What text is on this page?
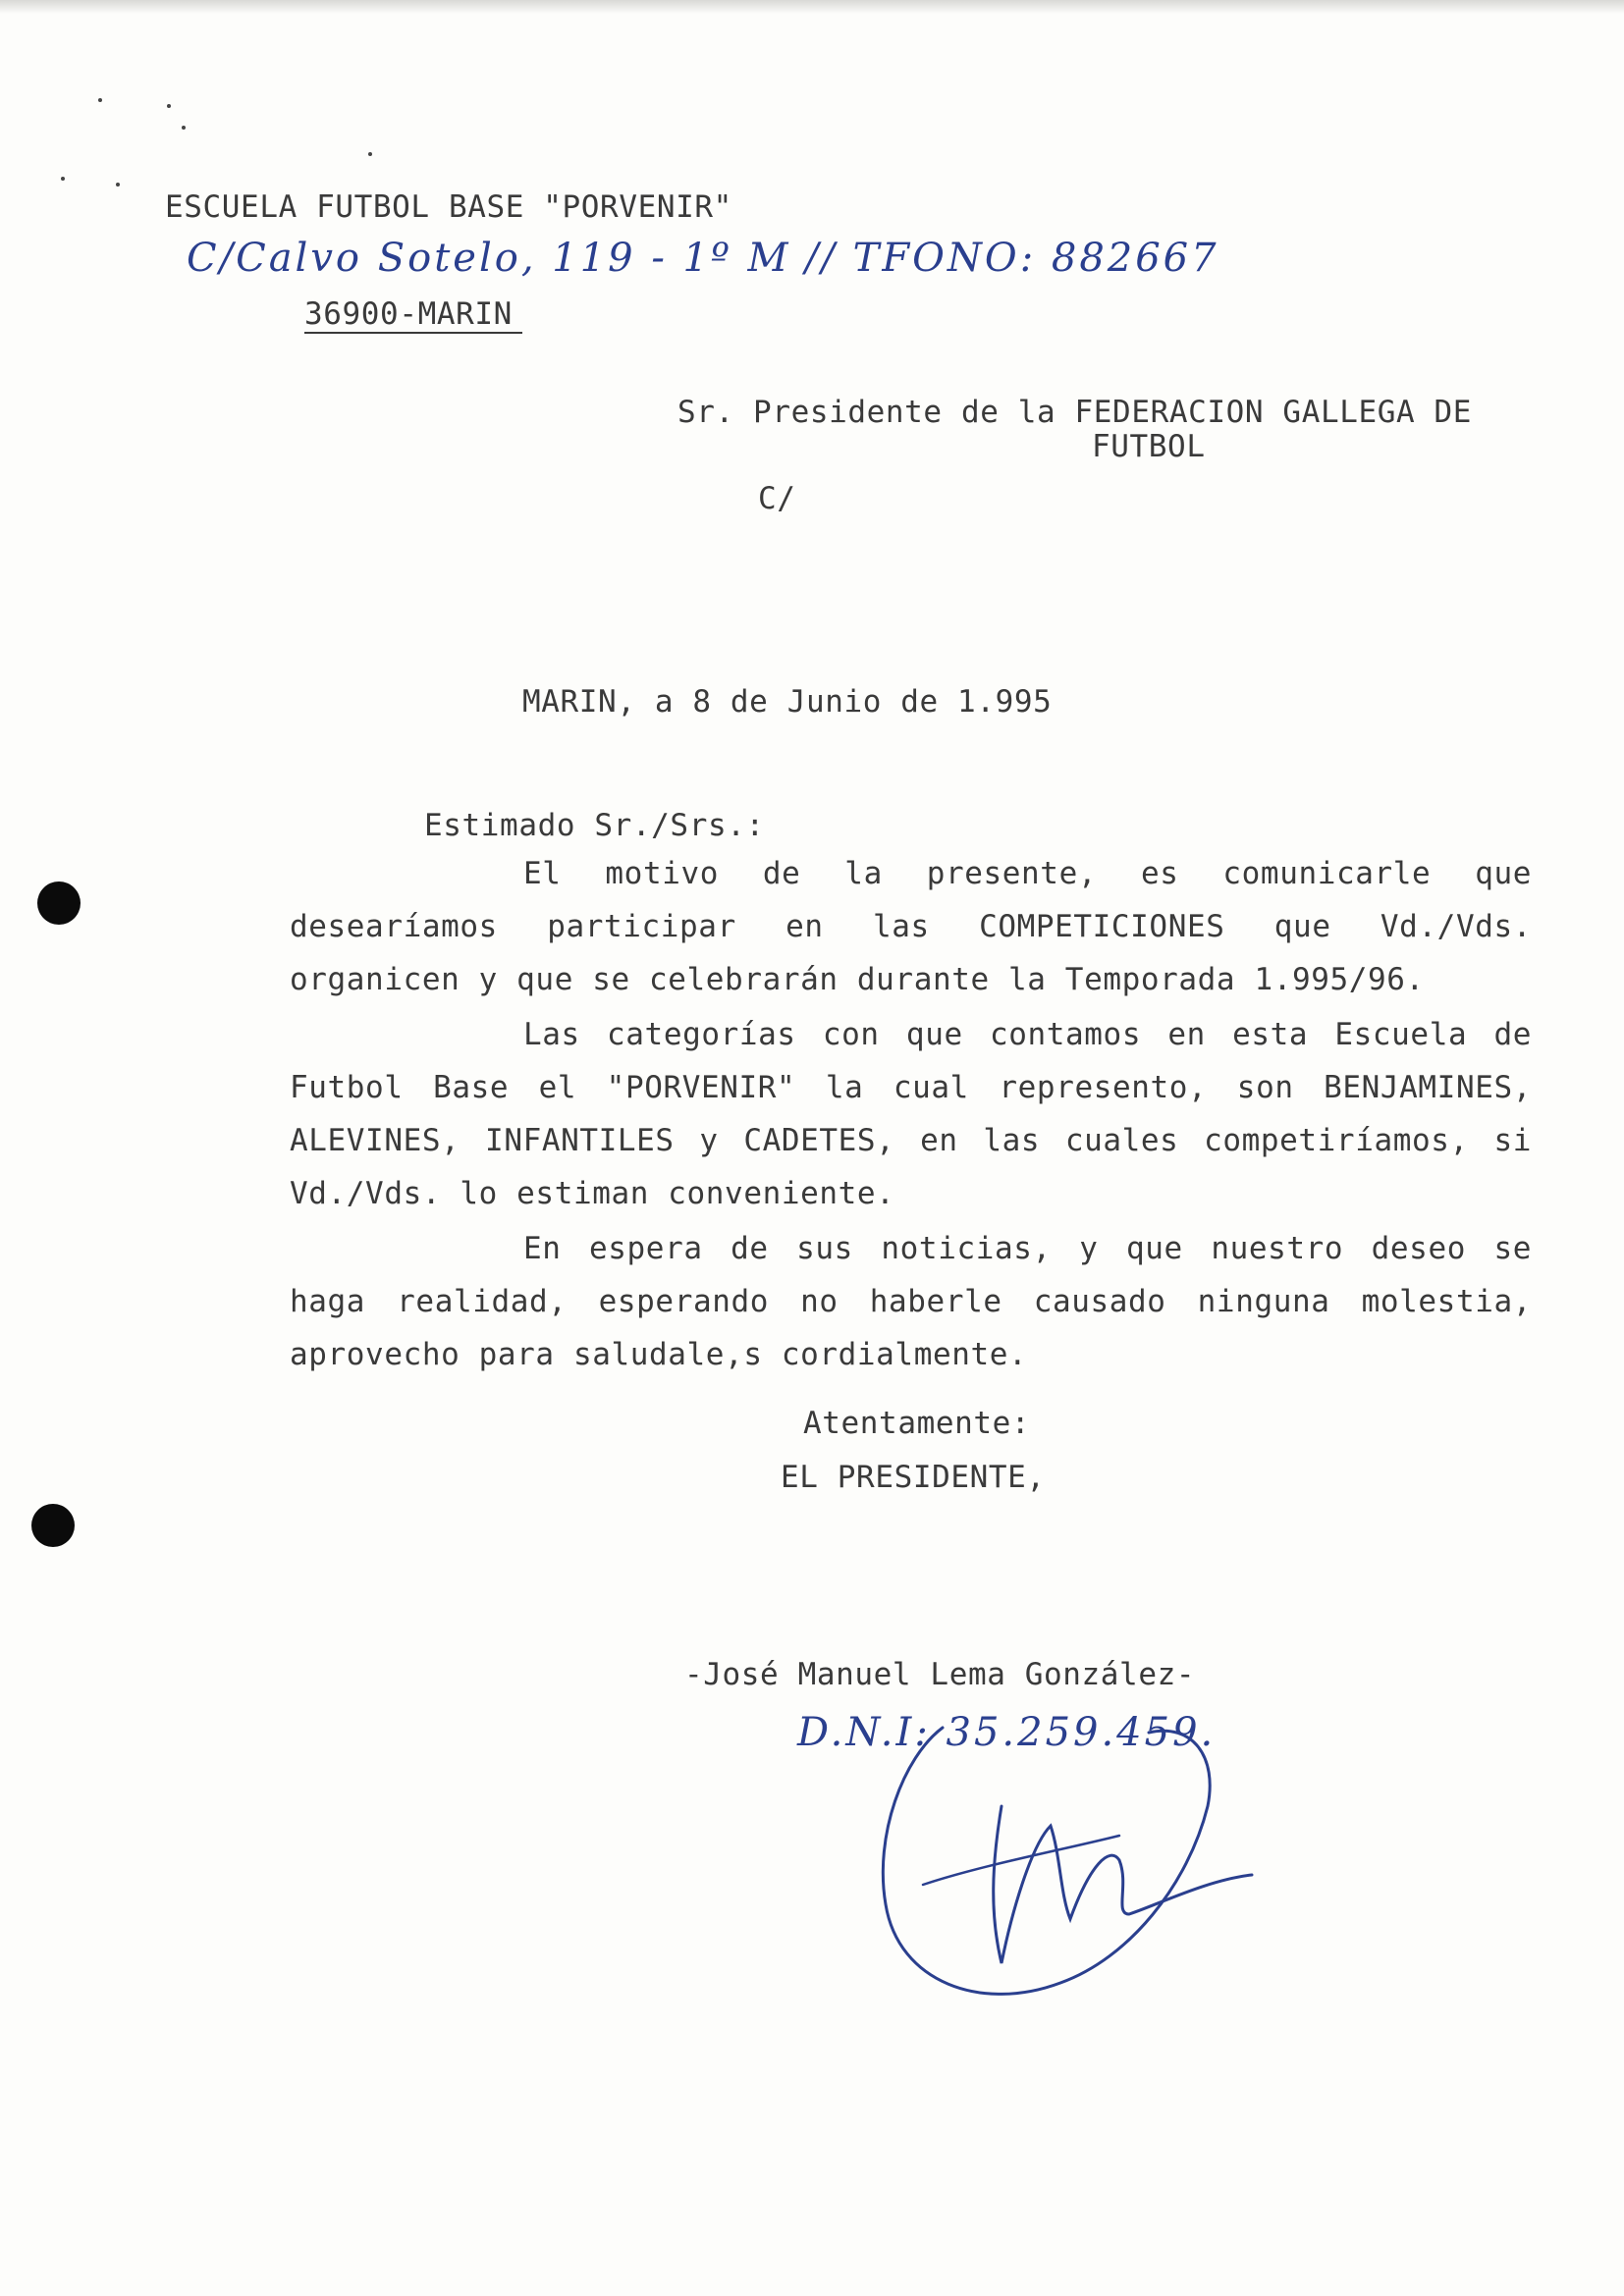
ESCUELA FUTBOL BASE "PORVENIR"
C/Calvo Sotelo, 119 - 1º M // TFONO: 882667
36900-MARIN
Sr. Presidente de la FEDERACION GALLEGA DE
FUTBOL
C/
MARIN, a 8 de Junio de 1.995
Estimado Sr./Srs.:

El motivo de la presente, es comunicarle que desearíamos participar en las COMPETICIONES que Vd./Vds. organicen y que se celebrarán durante la Temporada 1.995/96.

Las categorías con que contamos en esta Escuela de Futbol Base el "PORVENIR" la cual represento, son BENJAMINES, ALEVINES, INFANTILES y CADETES, en las cuales competiríamos, si Vd./Vds. lo estiman conveniente.

En espera de sus noticias, y que nuestro deseo se haga realidad, esperando no haberle causado ninguna molestia, aprovecho para saludale,s cordialmente.

Atentamente:
EL PRESIDENTE,
-José Manuel Lema González-
D.N.I: 35.259.459.
